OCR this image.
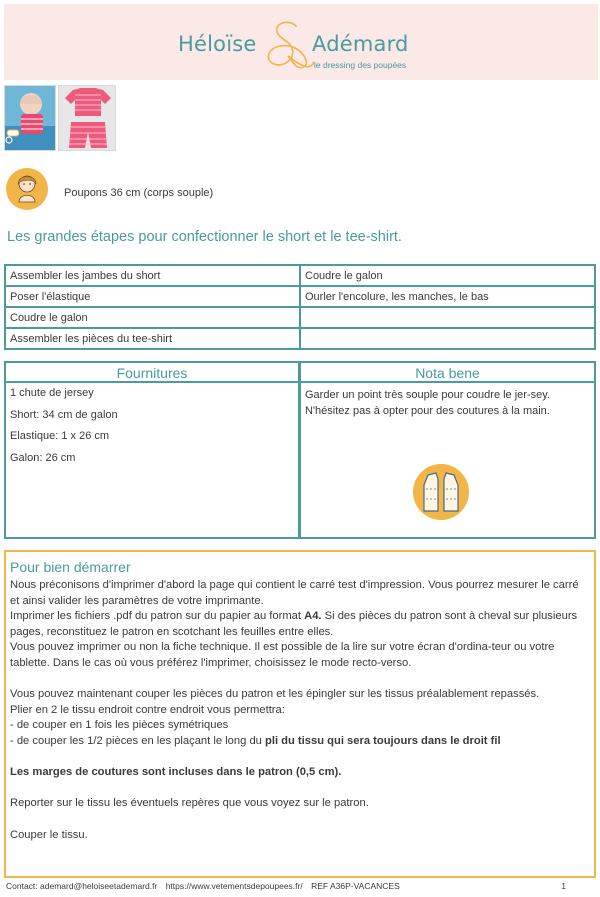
Héloïse	Adémard
le dressing des poupées
Poupons 36 cm (corps souple)
Les grandes étapes pour confectionner le short et le tee-shirt.
Assembler les jambes du short	Coudre le galon
Poser l'élastique	Ourler l'encolure, les manches, le bas
Coudre le galon	
Assembler les pièces du tee-shirt	
Fournitures
1 chute de jersey
Short: 34 cm de galon
Elastique: 1 x 26 cm
Galon: 26 cm
Nota bene
Garder un point très souple pour coudre le jer-sey. N'hésitez pas à opter pour des coutures à la main.
Pour bien démarrer

Nous préconisons d'imprimer d'abord la page qui contient le carré test d'impression. Vous pourrez mesurer le carré et ainsi valider les paramètres de votre imprimante.

Imprimer les fichiers .pdf du patron sur du papier au format A4. Si des pièces du patron sont à cheval sur plusieurs pages, reconstituez le patron en scotchant les feuilles entre elles.

Vous pouvez imprimer ou non la fiche technique. Il est possible de la lire sur votre écran d'ordina-teur ou votre tablette. Dans le cas où vous préférez l'imprimer, choisissez le mode recto-verso.

Vous pouvez maintenant couper les pièces du patron et les épingler sur les tissus préalablement repassés.

Plier en 2 le tissu endroit contre endroit vous permettra:

- de couper en 1 fois les pièces symétriques

- de couper les 1/2 pièces en les plaçant le long du pli du tissu qui sera toujours dans le droit fil

Les marges de coutures sont incluses dans le patron (0,5 cm).

Reporter sur le tissu les éventuels repères que vous voyez sur le patron.

Couper le tissu.

Contact: ademard@heloiseetademard.fr https://www.vetementsdepoupees.fr/ REF A36P-VACANCES	1
